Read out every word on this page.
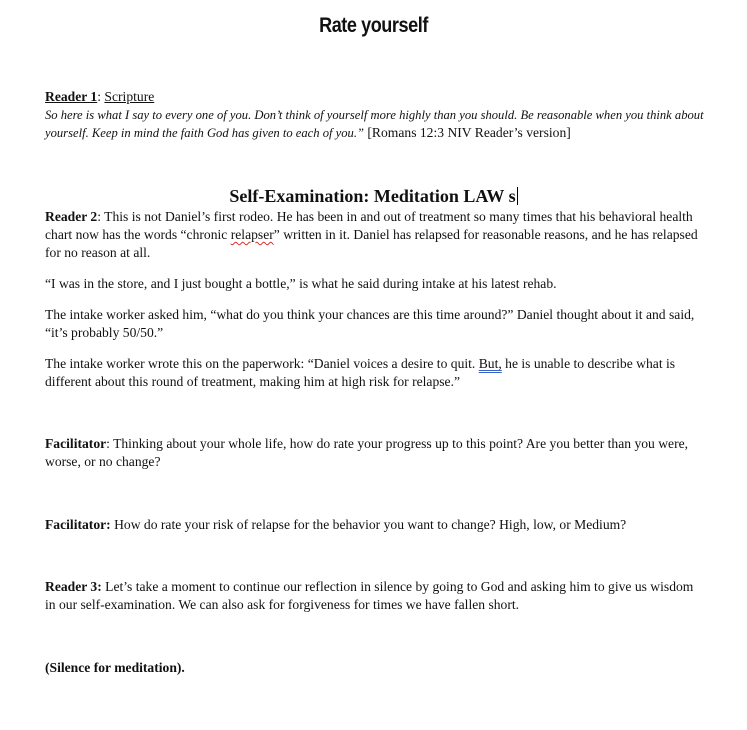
Rate yourself
Reader 1: Scripture
So here is what I say to every one of you. Don’t think of yourself more highly than you should. Be reasonable when you think about yourself. Keep in mind the faith God has given to each of you.” [Romans 12:3 NIV Reader’s version]
Self-Examination: Meditation LAW s
Reader 2: This is not Daniel’s first rodeo. He has been in and out of treatment so many times that his behavioral health chart now has the words “chronic relapser” written in it. Daniel has relapsed for reasonable reasons, and he has relapsed for no reason at all.
“I was in the store, and I just bought a bottle,” is what he said during intake at his latest rehab.
The intake worker asked him, “what do you think your chances are this time around?” Daniel thought about it and said, “it’s probably 50/50.”
The intake worker wrote this on the paperwork: “Daniel voices a desire to quit. But, he is unable to describe what is different about this round of treatment, making him at high risk for relapse.”
Facilitator: Thinking about your whole life, how do rate your progress up to this point? Are you better than you were, worse, or no change?
Facilitator: How do rate your risk of relapse for the behavior you want to change? High, low, or Medium?
Reader 3: Let’s take a moment to continue our reflection in silence by going to God and asking him to give us wisdom in our self-examination. We can also ask for forgiveness for times we have fallen short.
(Silence for meditation).
